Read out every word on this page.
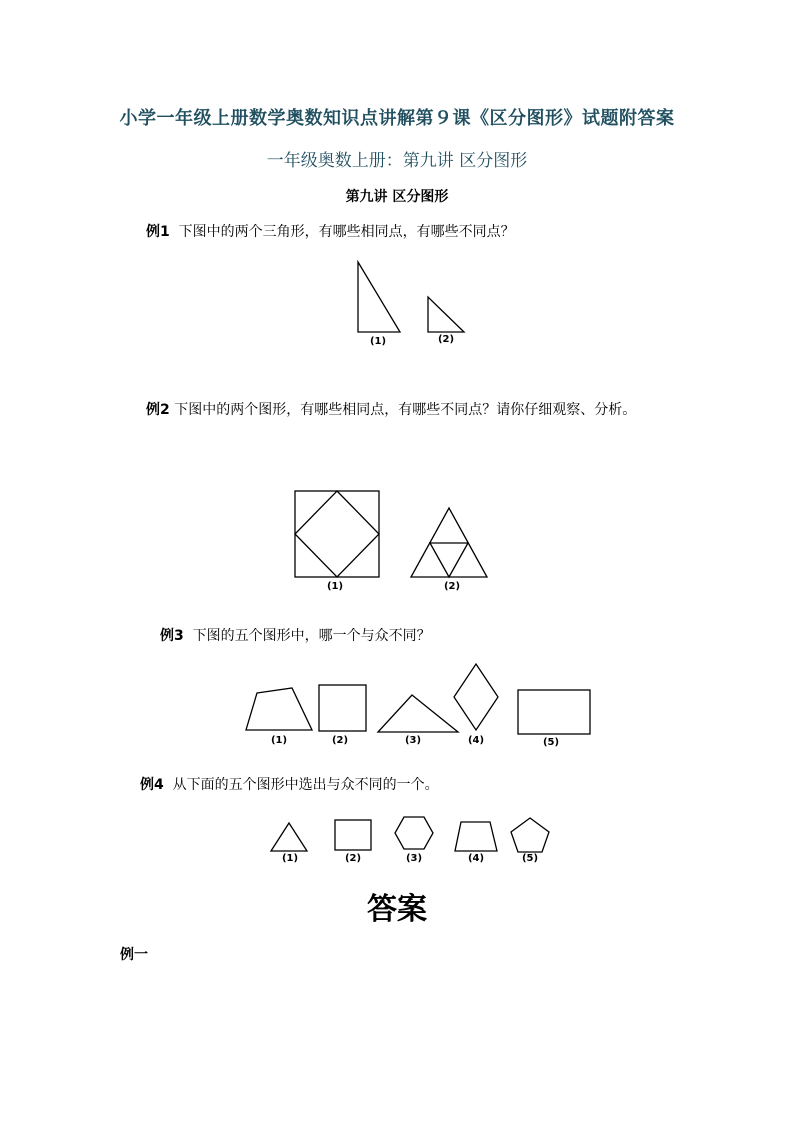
小学一年级上册数学奥数知识点讲解第９课《区分图形》试题附答案
一年级奥数上册：第九讲 区分图形
第九讲 区分图形
例1 下图中的两个三角形，有哪些相同点，有哪些不同点？
(1)	(2)
例2 下图中的两个图形，有哪些相同点，有哪些不同点？请你仔细观察、分析。
(1)	(2)
例3 下图的五个图形中，哪一个与众不同？
(1)	(2)	(3)	(4)	(5)
例4 从下面的五个图形中选出与众不同的一个。
(1)	(2)	(3)	(4)	(5)
答案
例一
